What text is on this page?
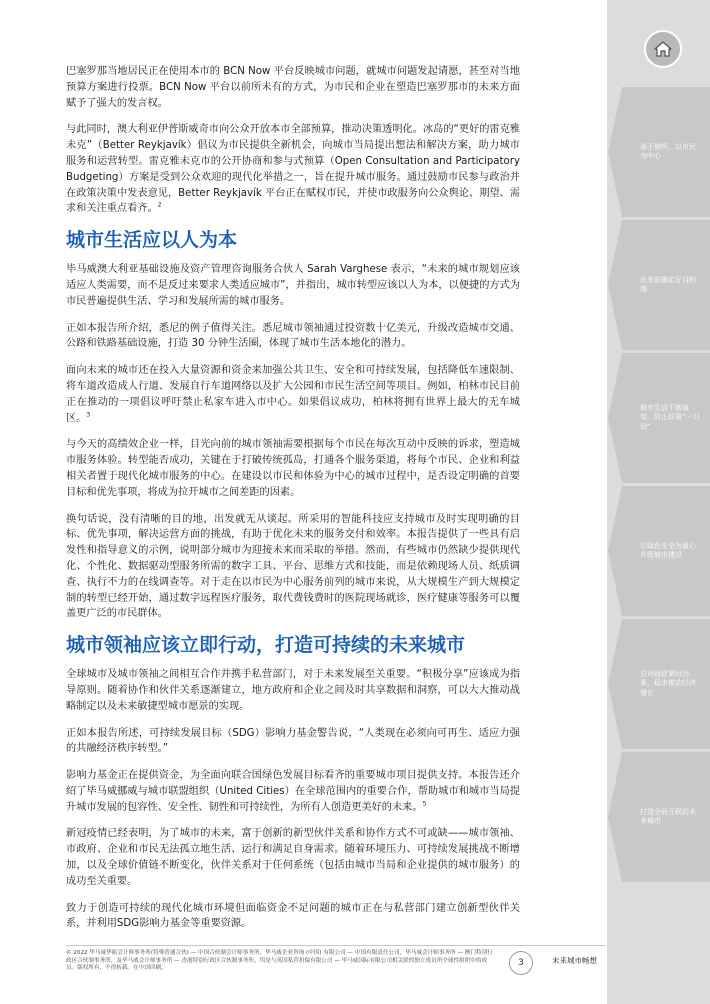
巴塞罗那当地居民正在使用本市的 BCN Now 平台反映城市问题，就城市问题发起请愿，甚至对当地预算方案进行投票。BCN Now 平台以前所未有的方式，为市民和企业在塑造巴塞罗那市的未来方面赋予了强大的发言权。

与此同时，澳大利亚伊普斯威奇市向公众开放本市全部预算，推动决策透明化。冰岛的“更好的雷克雅未克”（Better Reykjavík）倡议为市民提供全新机会，向城市当局提出想法和解决方案，助力城市服务和运营转型。雷克雅未克市的公开协商和参与式预算（Open Consultation and Participatory Budgeting）方案是受到公众欢迎的现代化举措之一，旨在提升城市服务。通过鼓励市民参与政治并在政策决策中发表意见，Better Reykjavík 平台正在赋权市民，并使市政服务向公众舆论、期望、需求和关注重点看齐。$^2$

城市生活应以人为本

毕马威澳大利亚基础设施及资产管理咨询服务合伙人 Sarah Varghese 表示，“未来的城市规划应该适应人类需要，而不是反过来要求人类适应城市”，并指出，城市转型应该以人为本，以便捷的方式为市民普遍提供生活、学习和发展所需的城市服务。

正如本报告所介绍，悉尼的例子值得关注。悉尼城市领袖通过投资数十亿美元，升级改造城市交通、公路和铁路基础设施，打造 30 分钟生活圈，体现了城市生活本地化的潜力。

面向未来的城市还在投入大量资源和资金来加强公共卫生、安全和可持续发展，包括降低车速限制、将车道改造成人行道、发展自行车道网络以及扩大公园和市民生活空间等项目。例如，柏林市民目前正在推动的一项倡议呼吁禁止私家车进入市中心。如果倡议成功，柏林将拥有世界上最大的无车城区。$^3$

与今天的高绩效企业一样，目光向前的城市领袖需要根据每个市民在每次互动中反映的诉求，塑造城市服务体验。转型能否成功，关键在于打破传统孤岛，打通各个服务渠道，将每个市民、企业和利益相关者置于现代化城市服务的中心。在建设以市民和体验为中心的城市过程中，是否设定明确的首要目标和优先事项，将成为拉开城市之间差距的因素。

换句话说，没有清晰的目的地，出发就无从谈起。所采用的智能科技应支持城市及时实现明确的目标、优先事项，解决运营方面的挑战，有助于优化未来的服务交付和效率。本报告提供了一些具有启发性和指导意义的示例，说明部分城市为迎接未来而采取的举措。然而，有些城市仍然缺少提供现代化、个性化、数据驱动型服务所需的数字工具、平台、思维方式和技能，而是依赖现场人员、纸质调查、执行不力的在线调查等。对于走在以市民为中心服务前列的城市来说，从大规模生产到大规模定制的转型已经开始，通过数字远程医疗服务，取代费钱费时的医院现场就诊，医疗健康等服务可以覆盖更广泛的市民群体。

城市领袖应该立即行动，打造可持续的未来城市

全球城市及城市领袖之间相互合作并携手私营部门，对于未来发展至关重要。“积极分享”应该成为指导原则。随着协作和伙伴关系逐渐建立，地方政府和企业之间及时共享数据和洞察，可以大大推动战略制定以及未来敏捷型城市愿景的实现。

正如本报告所述，可持续发展目标（SDG）影响力基金警告说，“人类现在必须向可再生、适应力强的共融经济秩序转型。”

影响力基金正在提供资金，为全面向联合国绿色发展目标看齐的重要城市项目提供支持。本报告还介绍了毕马威挪威与城市联盟组织（United Cities）在全球范围内的重要合作，帮助城市和城市当局提升城市发展的包容性、安全性、韧性和可持续性，为所有人创造更美好的未来。$^5$

新冠疫情已经表明，为了城市的未来，富于创新的新型伙伴关系和协作方式不可或缺——城市领袖、市政府、企业和市民无法孤立地生活、运行和满足自身需求。随着环境压力、可持续发展挑战不断增加，以及全球价值链不断变化，伙伴关系对于任何系统（包括由城市当局和企业提供的城市服务）的成功至关重要。

致力于创造可持续的现代化城市环境但面临资金不足问题的城市正在与私营部门建立创新型伙伴关系，并利用SDG影响力基金等重要资源。

善于倾听，以市民为中心
出发前确定好目的地
城市生活不断演变，防止政策“一刀切”
以绿色安全为重心升级城市建设
应对财政紧时因素，稳步推动经济增长
打造全面互联的未来城市
© 2022 毕马威华振会计师事务所(特殊普通合伙) — 中国合伙制会计师事务所，毕马威企业咨询 (中国) 有限公司 — 中国有限责任公司，毕马威会计师事务所 — 澳门特别行政区合伙制事务所，及毕马威会计师事务所 — 香港特别行政区合伙制事务所，均是与英国私营担保有限公司 — 毕马威国际有限公司相关联的独立成员所全球性组织中的成员。版权所有，不得转载。在中国印刷。
3	未来城市畅想
